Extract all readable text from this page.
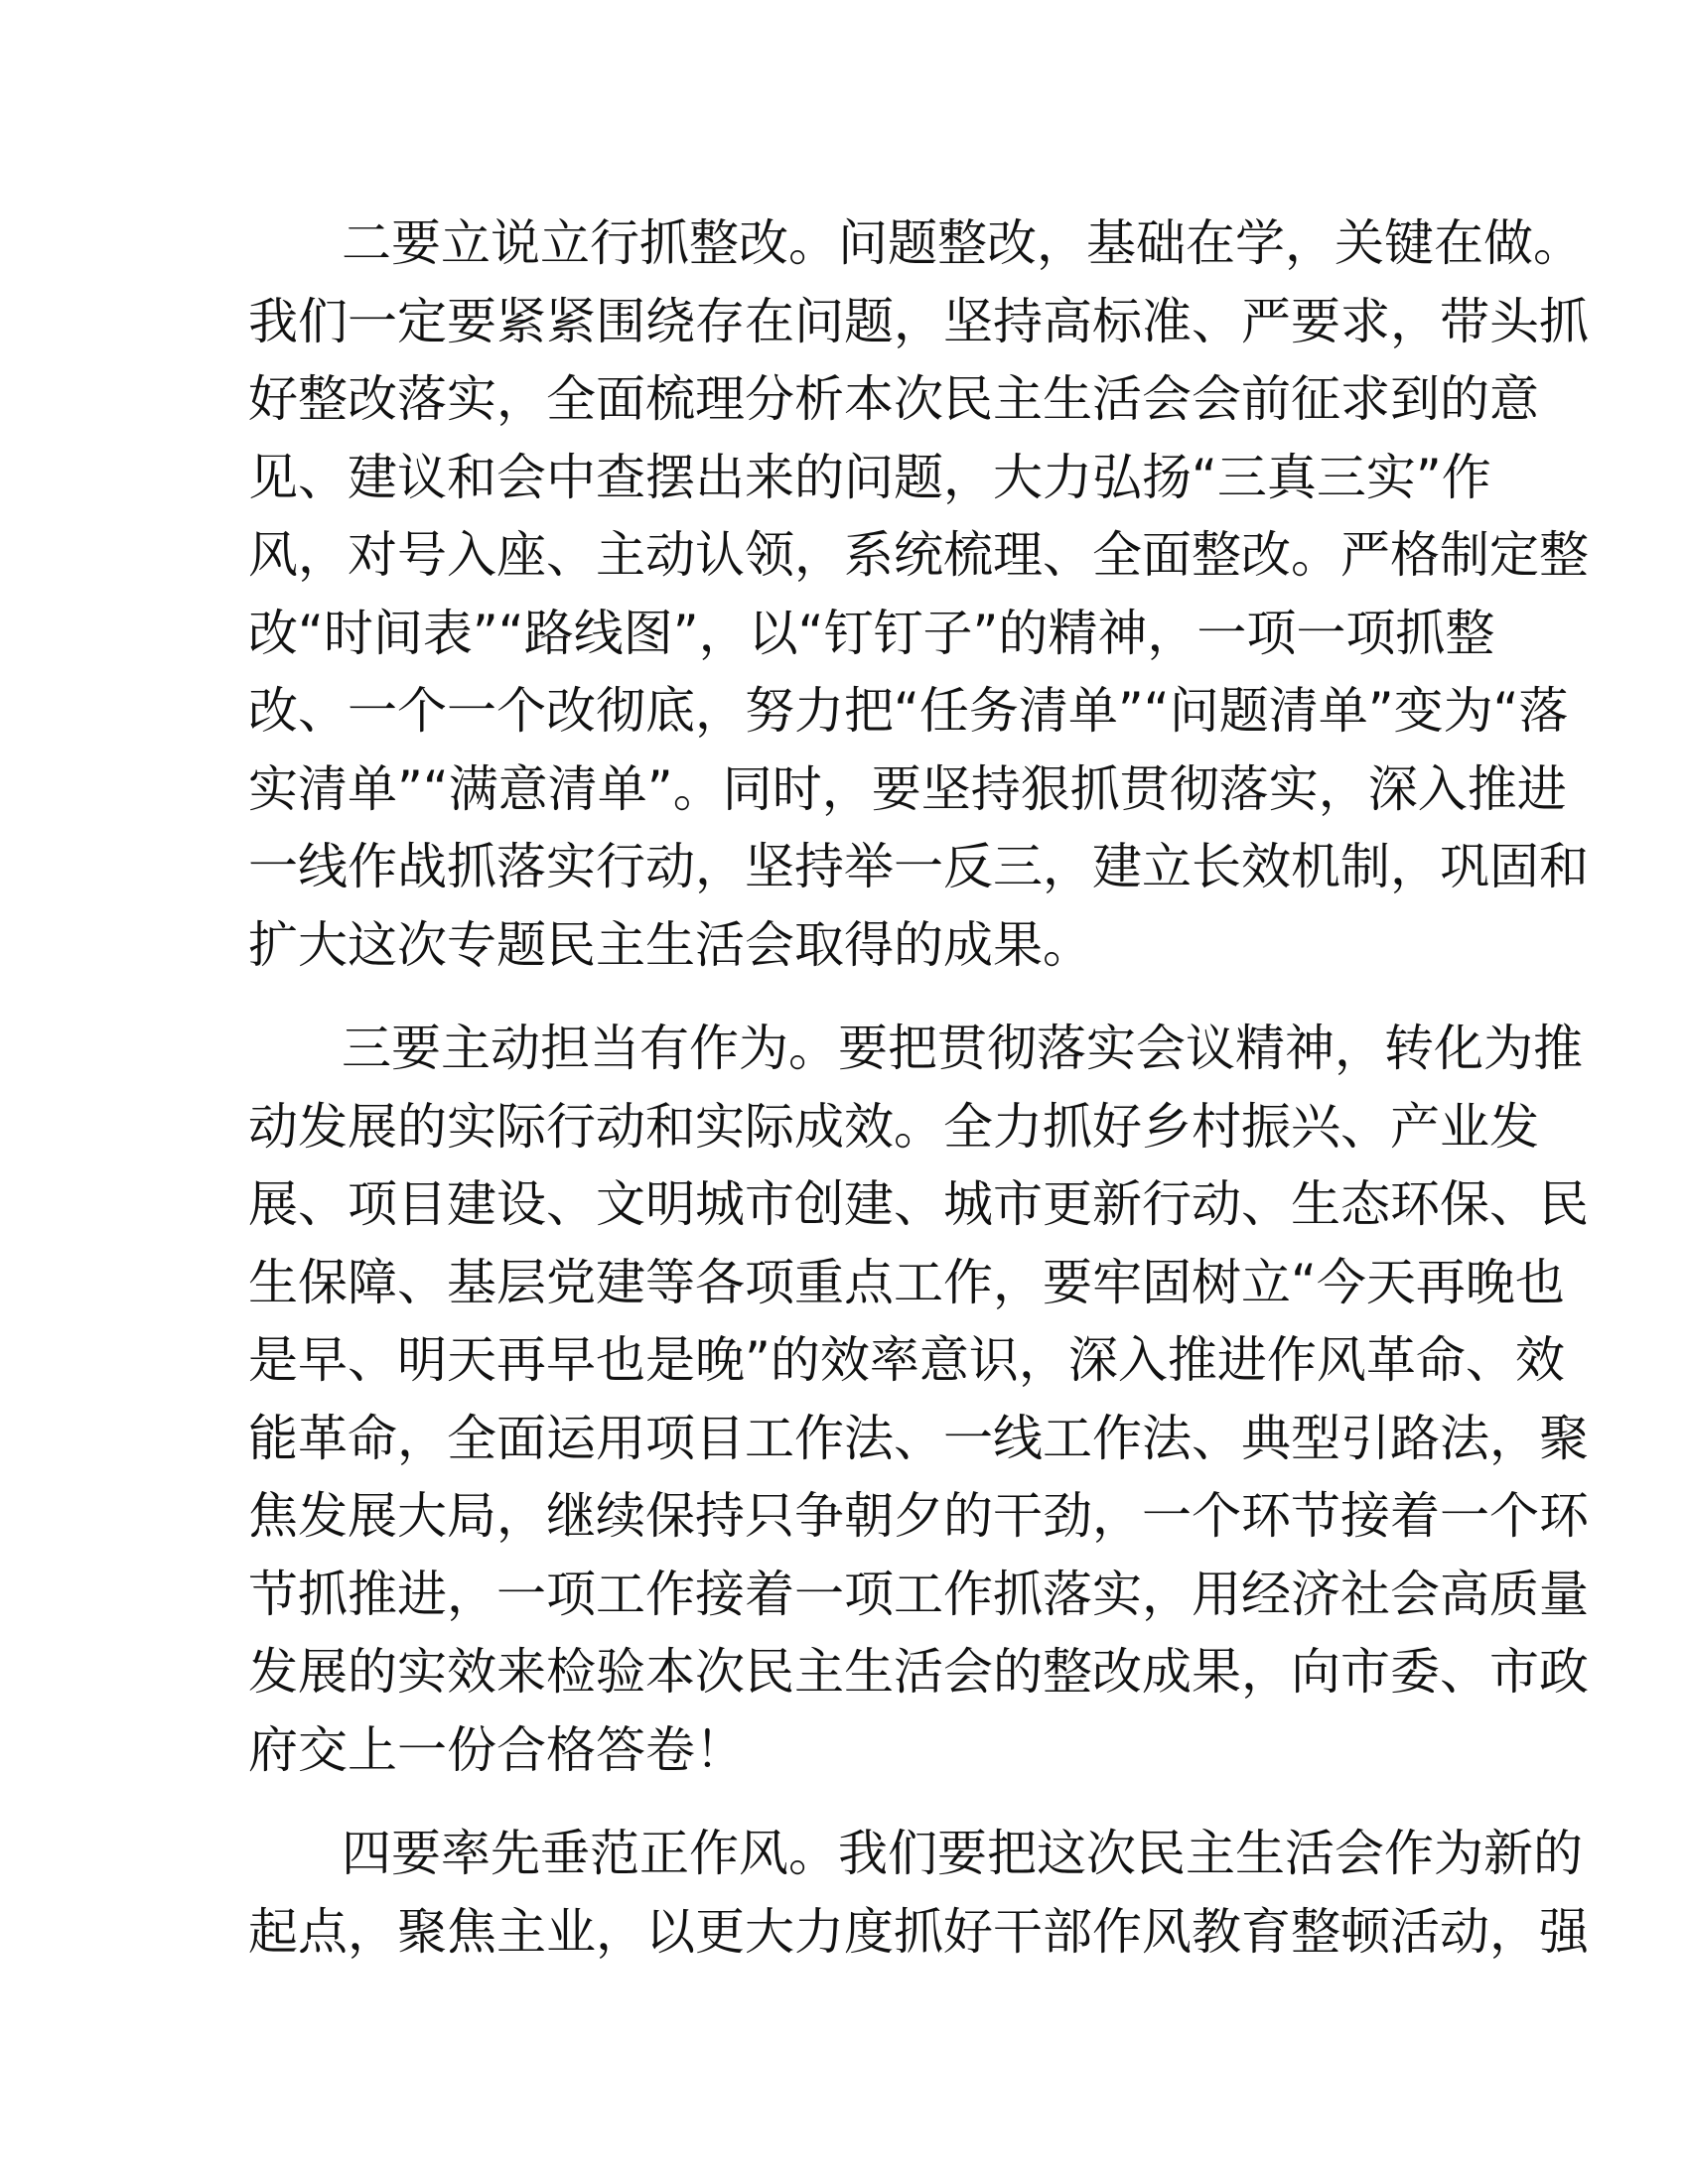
二要立说立行抓整改。问题整改，基础在学，关键在做。
我们一定要紧紧围绕存在问题，坚持高标准、严要求，带头抓
好整改落实，全面梳理分析本次民主生活会会前征求到的意
见、建议和会中查摆出来的问题，大力弘扬“三真三实”作
风，对号入座、主动认领，系统梳理、全面整改。严格制定整
改“时间表”“路线图”，以“钉钉子”的精神，一项一项抓整
改、一个一个改彻底，努力把“任务清单”“问题清单”变为“落
实清单”“满意清单”。同时，要坚持狠抓贯彻落实，深入推进
一线作战抓落实行动，坚持举一反三，建立长效机制，巩固和
扩大这次专题民主生活会取得的成果。
三要主动担当有作为。要把贯彻落实会议精神，转化为推
动发展的实际行动和实际成效。全力抓好乡村振兴、产业发
展、项目建设、文明城市创建、城市更新行动、生态环保、民
生保障、基层党建等各项重点工作，要牢固树立“今天再晚也
是早、明天再早也是晚”的效率意识，深入推进作风革命、效
能革命，全面运用项目工作法、一线工作法、典型引路法，聚
焦发展大局，继续保持只争朝夕的干劲，一个环节接着一个环
节抓推进，一项工作接着一项工作抓落实，用经济社会高质量
发展的实效来检验本次民主生活会的整改成果，向市委、市政
府交上一份合格答卷！
四要率先垂范正作风。我们要把这次民主生活会作为新的
起点，聚焦主业，以更大力度抓好干部作风教育整顿活动，强
